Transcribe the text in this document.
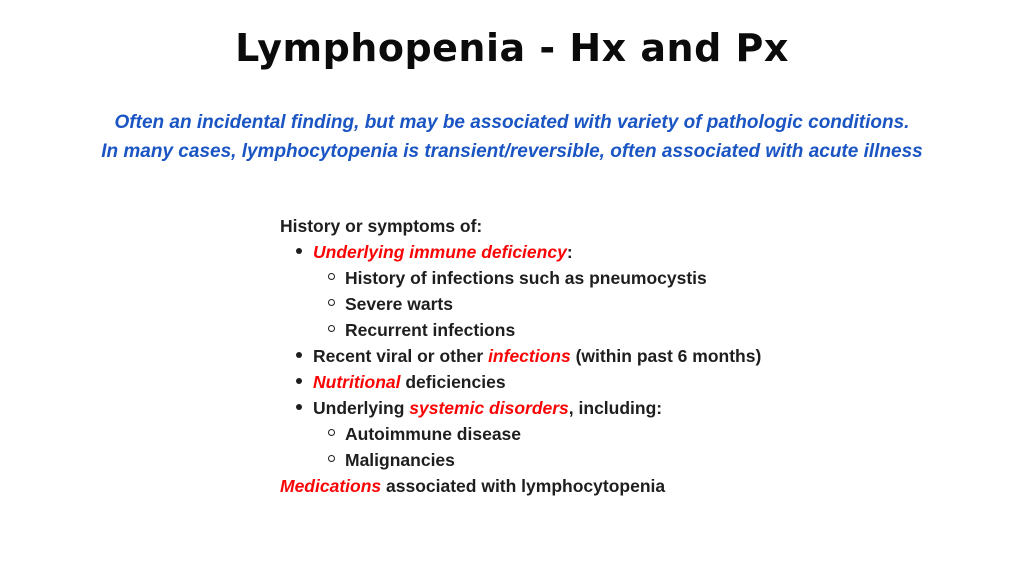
Lymphopenia - Hx and Px
Often an incidental finding, but may be associated with variety of pathologic conditions.
In many cases, lymphocytopenia is transient/reversible, often associated with acute illness
History or symptoms of:
Underlying immune deficiency:
History of infections such as pneumocystis
Severe warts
Recurrent infections
Recent viral or other infections (within past 6 months)
Nutritional deficiencies
Underlying systemic disorders, including:
Autoimmune disease
Malignancies
Medications associated with lymphocytopenia
